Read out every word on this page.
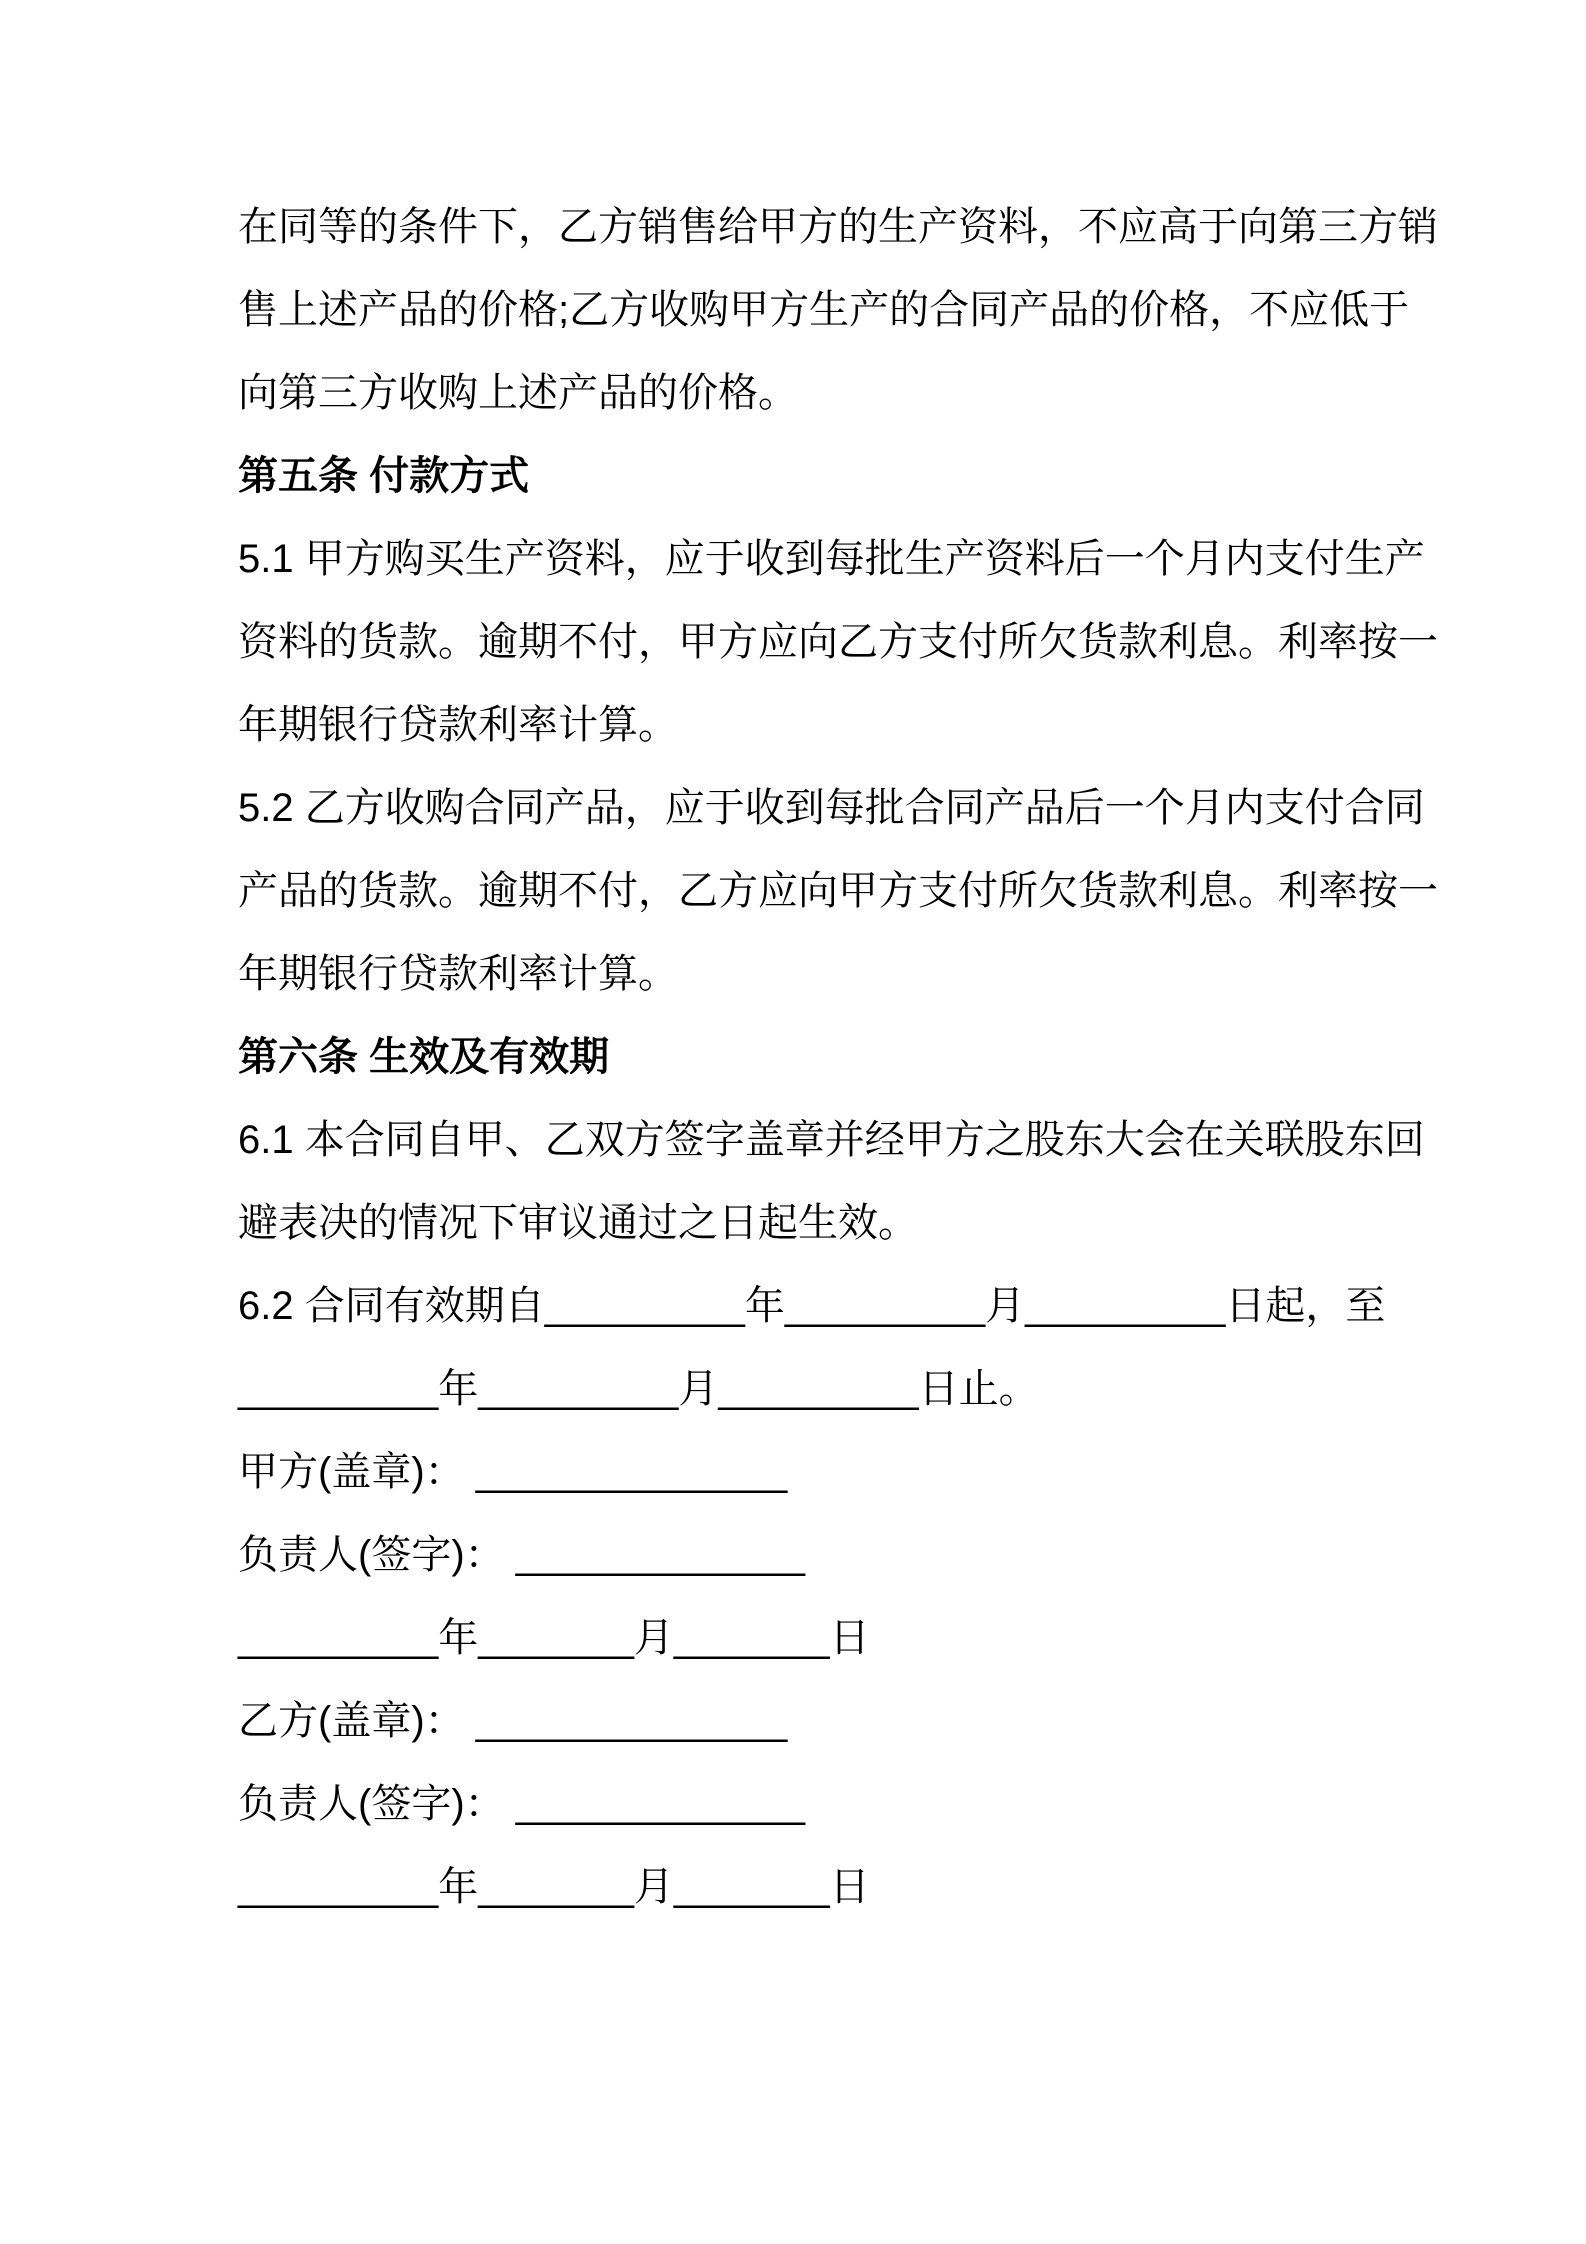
在同等的条件下，乙方销售给甲方的生产资料，不应高于向第三方销
售上述产品的价格;乙方收购甲方生产的合同产品的价格，不应低于
向第三方收购上述产品的价格。
第五条 付款方式
5.1 甲方购买生产资料，应于收到每批生产资料后一个月内支付生产
资料的货款。逾期不付，甲方应向乙方支付所欠货款利息。利率按一
年期银行贷款利率计算。
5.2 乙方收购合同产品，应于收到每批合同产品后一个月内支付合同
产品的货款。逾期不付，乙方应向甲方支付所欠货款利息。利率按一
年期银行贷款利率计算。
第六条 生效及有效期
6.1 本合同自甲、乙双方签字盖章并经甲方之股东大会在关联股东回
避表决的情况下审议通过之日起生效。
6.2 合同有效期自_________年_________月_________日起，至
_________年_________月_________日止。
甲方(盖章)： ______________
负责人(签字)： _____________
_________年_______月_______日
乙方(盖章)： ______________
负责人(签字)： _____________
_________年_______月_______日
